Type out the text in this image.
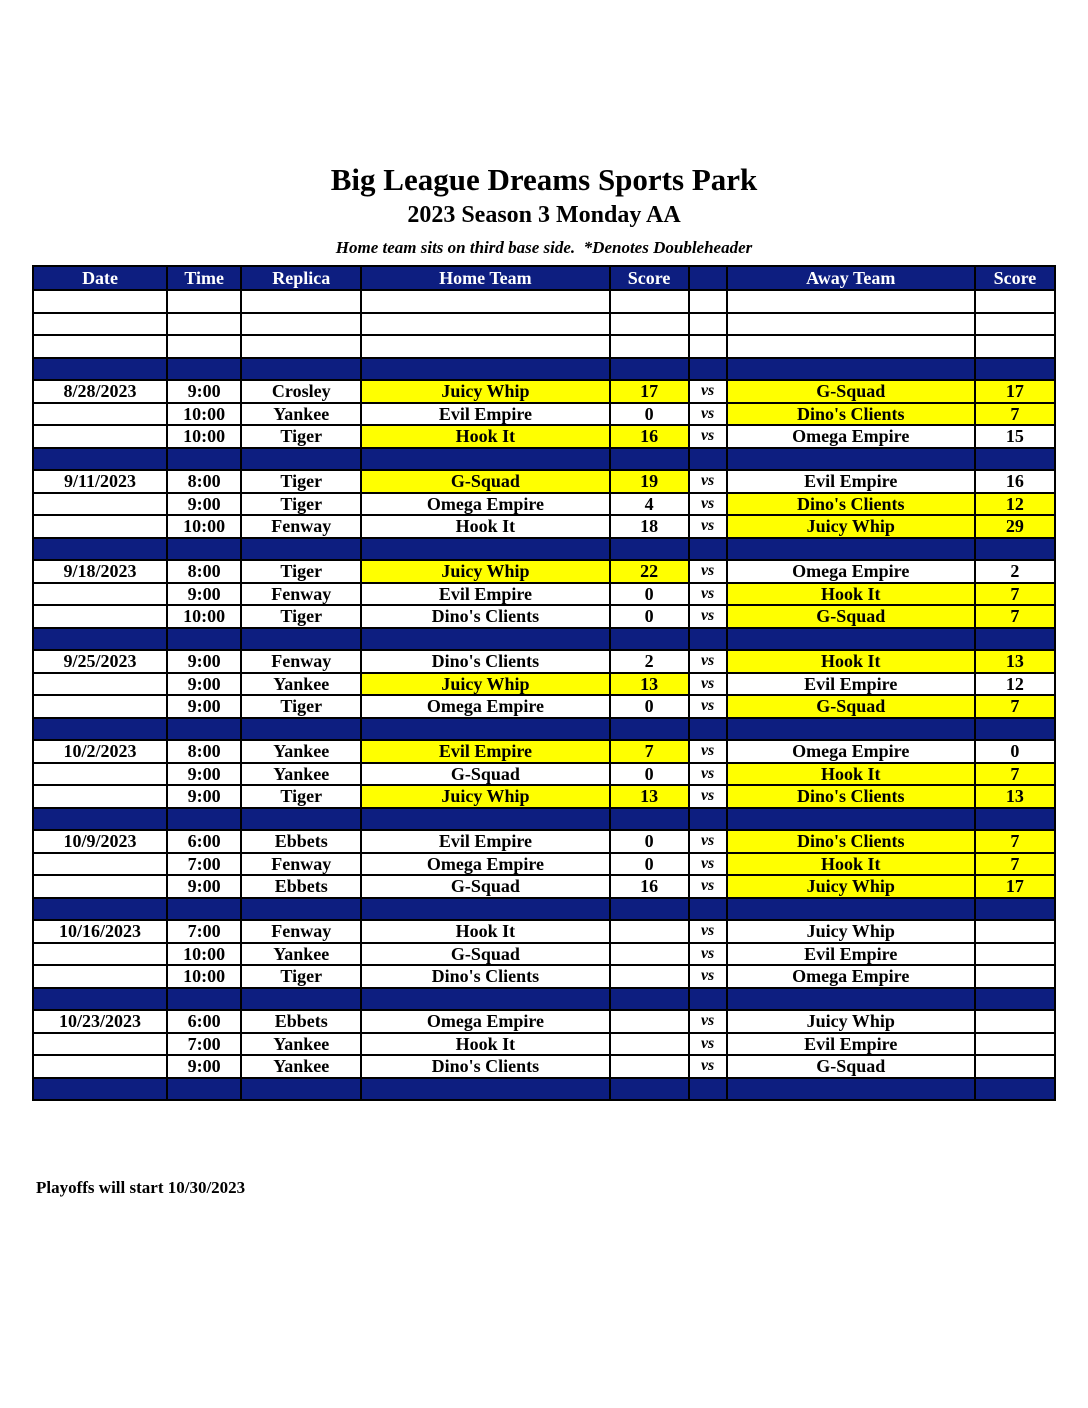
Big League Dreams Sports Park
2023 Season 3 Monday AA
Home team sits on third base side.  *Denotes Doubleheader
Date	Time	Replica	Home Team	Score		Away Team	Score

8/28/2023	9:00	Crosley	Juicy Whip	17	vs	G-Squad	17
	10:00	Yankee	Evil Empire	0	vs	Dino's Clients	7
	10:00	Tiger	Hook It	16	vs	Omega Empire	15

9/11/2023	8:00	Tiger	G-Squad	19	vs	Evil Empire	16
	9:00	Tiger	Omega Empire	4	vs	Dino's Clients	12
	10:00	Fenway	Hook It	18	vs	Juicy Whip	29

9/18/2023	8:00	Tiger	Juicy Whip	22	vs	Omega Empire	2
	9:00	Fenway	Evil Empire	0	vs	Hook It	7
	10:00	Tiger	Dino's Clients	0	vs	G-Squad	7

9/25/2023	9:00	Fenway	Dino's Clients	2	vs	Hook It	13
	9:00	Yankee	Juicy Whip	13	vs	Evil Empire	12
	9:00	Tiger	Omega Empire	0	vs	G-Squad	7

10/2/2023	8:00	Yankee	Evil Empire	7	vs	Omega Empire	0
	9:00	Yankee	G-Squad	0	vs	Hook It	7
	9:00	Tiger	Juicy Whip	13	vs	Dino's Clients	13

10/9/2023	6:00	Ebbets	Evil Empire	0	vs	Dino's Clients	7
	7:00	Fenway	Omega Empire	0	vs	Hook It	7
	9:00	Ebbets	G-Squad	16	vs	Juicy Whip	17

10/16/2023	7:00	Fenway	Hook It		vs	Juicy Whip	
	10:00	Yankee	G-Squad		vs	Evil Empire	
	10:00	Tiger	Dino's Clients		vs	Omega Empire	

10/23/2023	6:00	Ebbets	Omega Empire		vs	Juicy Whip	
	7:00	Yankee	Hook It		vs	Evil Empire	
	9:00	Yankee	Dino's Clients		vs	G-Squad	

Playoffs will start 10/30/2023
